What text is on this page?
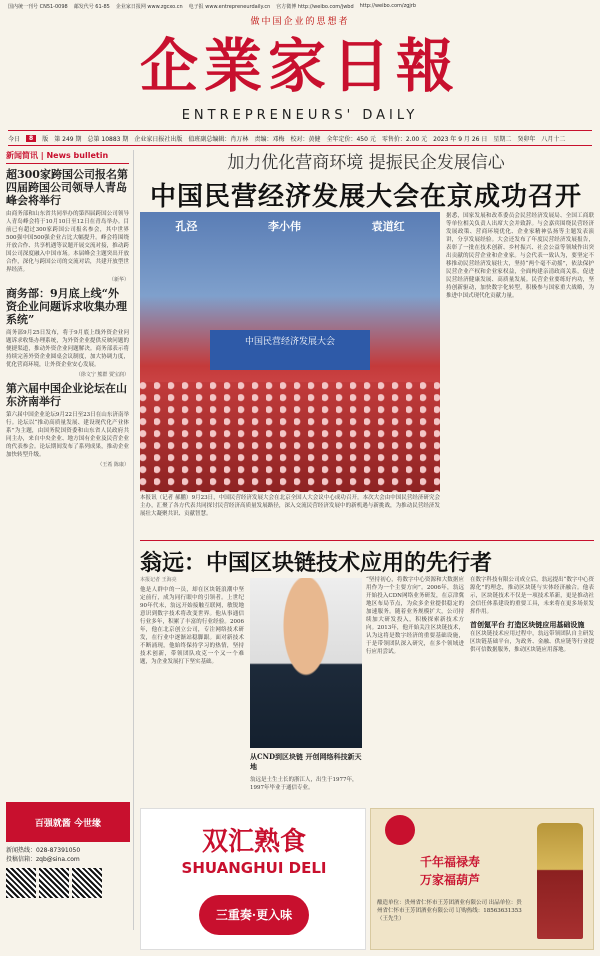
国内统一刊号 CN51-0098 邮发代号 61-85 企业家日报网 www.zgcxo.cn 电子报 www.entrepreneurdaily.cn 官方微博 http://weibo.com/jwbd http://weibo.com/zgjrb
做中国企业的思想者
企業家日報
ENTREPRENEURS' DAILY
今日	8	版 第 249 期 总第 10883 期 企业家日报社出版 值班副总编辑：肖万林 责编：邓梅 校对：黄健 全年定价：450 元 零售价：2.00 元 2023 年 9 月 26 日 星期二 癸卯年 八月十二
新闻简讯 | News bulletin
超300家跨国公司报名第四届跨国公司领导人青岛峰会将举行
由商务部和山东省共同举办的第四届跨国公司领导人青岛峰会将于10月10日至12日在青岛举办。目前已有超过300家跨国公司报名参会，其中世界500强中国500强企业占比大幅提升。峰会将围绕开放合作、共享机遇等议题开展交流对接，推动跨国公司深度融入中国市场。本届峰会主题突出开放合作，深化与跨国公司的交流对话，共建开放型世界经济。
（新华）
商务部：9月底上线“外资企业问题诉求收集办理系统”
商务部9月25日发布，将于9月底上线外资企业问题诉求收集办理系统，为外资企业提供反映问题的便捷渠道，推动外资企业问题解决。商务部表示将持续完善外资企业圆桌会议制度，加大协调力度，优化营商环境，让外资企业安心发展。
（徐文宁 熊群 贾宝润）
第六届中国企业论坛在山东济南举行
第六届中国企业论坛9月22日至23日在山东济南举行。论坛以“推动高质量发展、建设现代化产业体系”为主题，由国务院国资委和山东省人民政府共同主办，来自中央企业、地方国有企业及民营企业的代表参会。论坛期间发布了系列成果，推动企业加快转型升级。
（王希 陈康）
百强就酱 今世缘
新闻热线：028-87391050
投稿信箱：zqb@sina.com
加力优化营商环境 提振民企发展信心
中国民营经济发展大会在京成功召开
孔泾	李小伟	袁道红
中国民营经济发展大会
本报讯（记者 郝鹏）9月23日，中国民营经济发展大会在北京全国人大会议中心成功召开。本次大会由中国民营经济研究会主办，汇聚了各方代表共同探讨民营经济高质量发展路径，深入交流民营经济发展中的新机遇与新挑战，为推动民营经济发展壮大凝聚共识、贡献智慧。
据悉，国家发展和改革委员会民营经济发展局、全国工商联等单位相关负责人出席大会并致辞。与会嘉宾围绕民营经济发展政策、营商环境优化、企业家精神弘扬等主题发表演讲，分享发展经验。大会还发布了年度民营经济发展报告，表彰了一批在技术创新、乡村振兴、社会公益等领域作出突出贡献的民营企业和企业家。与会代表一致认为，要坚定不移推动民营经济发展壮大，坚持“两个毫不动摇”，依法保护民营企业产权和企业家权益，全面构建亲清政商关系，促进民营经济健康发展、高质量发展。民营企业要练好内功，坚持创新驱动，加快数字化转型，积极参与国家重大战略，为推进中国式现代化贡献力量。
翁远：中国区块链技术应用的先行者
本报记者 王海亮
他是人群中的一员，却在区块链浪潮中坚定前行，成为同行眼中的引领者。上世纪90年代末，翁远开始接触互联网，敏锐地意识到数字技术将改变世界。他从事通信行业多年，积累了丰富的行业经验。2006年，他在北京创立公司，专注网络技术研发，在行业中逐渐站稳脚跟。面对新技术不断涌现，他始终保持学习的热情，坚持技术创新，带领团队攻克一个又一个难题，为企业发展打下坚实基础。
从CND到区块链 开创网络科技新天地
翁远是土生土长的浙江人，出生于1977年，1997年毕业于通信专业。
“坚持初心，将数字中心资源和大数据应用作为一个主要方向”。2006年，翁远开始投入CDN网络业务研发，在京津冀地区布局节点，为众多企业提供稳定的加速服务。随着业务规模扩大，公司持续加大研发投入，积极探索新技术方向。2013年，他开始关注区块链技术，认为这将是数字经济的重要基础设施，于是带领团队深入研究，在多个领域进行应用尝试。
在数字科技有限公司成立后，翁远提出“数字中心资源化”的理念，推动区块链与实体经济融合。他表示，区块链技术不仅是一项技术革新，更是推动社会信任体系建设的重要工具，未来将在更多场景发挥作用。
首创氪平台 打造区块链应用基础设施
在区块链技术应用过程中，翁远带领团队自主研发区块链基础平台，为政务、金融、供应链等行业提供可信数据服务，推动区块链应用落地。
双汇熟食
SHUANGHUI DELI
三重奏·更入味
千年福禄寿
万家福葫芦
酿造单位：贵州省仁怀市王芳团酒业有限公司 出品单位：贵州省仁怀市王芳团酒业有限公司 订购热线：18563631353（王先生）
